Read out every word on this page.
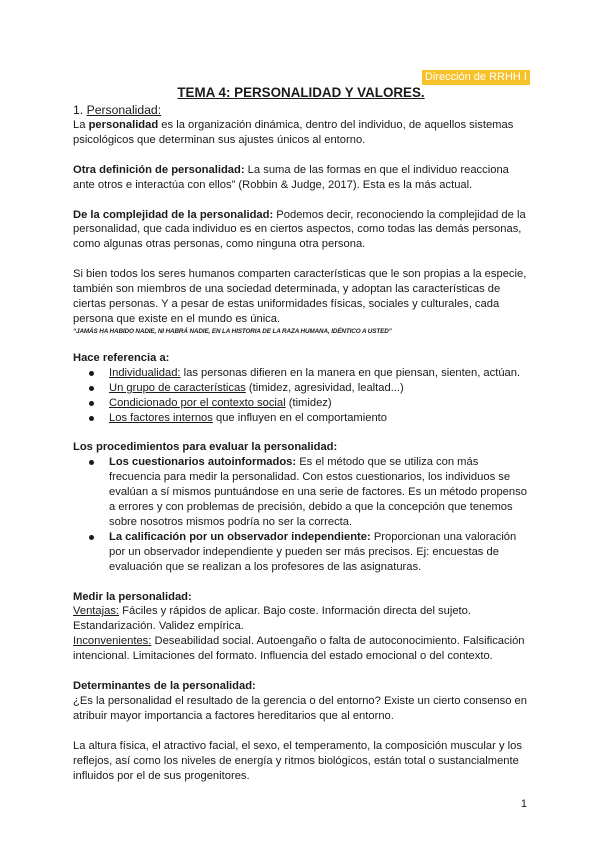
Dirección de RRHH I
TEMA 4: PERSONALIDAD Y VALORES.
1. Personalidad:

La personalidad es la organización dinámica, dentro del individuo, de aquellos sistemas psicológicos que determinan sus ajustes únicos al entorno.

Otra definición de personalidad: La suma de las formas en que el individuo reacciona ante otros e interactúa con ellos” (Robbin & Judge, 2017). Esta es la más actual.

De la complejidad de la personalidad: Podemos decir, reconociendo la complejidad de la personalidad, que cada individuo es en ciertos aspectos, como todas las demás personas, como algunas otras personas, como ninguna otra persona.

Si bien todos los seres humanos comparten características que le son propias a la especie, también son miembros de una sociedad determinada, y adoptan las características de ciertas personas. Y a pesar de estas uniformidades físicas, sociales y culturales, cada persona que existe en el mundo es única.

“JAMÁS HA HABIDO NADIE, NI HABRÁ NADIE, EN LA HISTORIA DE LA RAZA HUMANA, IDÉNTICO A USTED”

Hace referencia a:

Individualidad: las personas difieren en la manera en que piensan, sienten, actúan.
Un grupo de características (timidez, agresividad, lealtad...)
Condicionado por el contexto social (timidez)
Los factores internos que influyen en el comportamiento

Los procedimientos para evaluar la personalidad:

Los cuestionarios autoinformados: Es el método que se utiliza con más frecuencia para medir la personalidad. Con estos cuestionarios, los individuos se evalúan a sí mismos puntuándose en una serie de factores. Es un método propenso a errores y con problemas de precisión, debido a que la concepción que tenemos sobre nosotros mismos podría no ser la correcta.
La calificación por un observador independiente: Proporcionan una valoración por un observador independiente y pueden ser más precisos. Ej: encuestas de evaluación que se realizan a los profesores de las asignaturas.

Medir la personalidad:

Ventajas: Fáciles y rápidos de aplicar. Bajo coste. Información directa del sujeto. Estandarización. Validez empírica.

Inconvenientes: Deseabilidad social. Autoengaño o falta de autoconocimiento. Falsificación intencional. Limitaciones del formato. Influencia del estado emocional o del contexto.

Determinantes de la personalidad:

¿Es la personalidad el resultado de la gerencia o del entorno? Existe un cierto consenso en atribuir mayor importancia a factores hereditarios que al entorno.

La altura física, el atractivo facial, el sexo, el temperamento, la composición muscular y los reflejos, así como los niveles de energía y ritmos biológicos, están total o sustancialmente influidos por el de sus progenitores.

1
